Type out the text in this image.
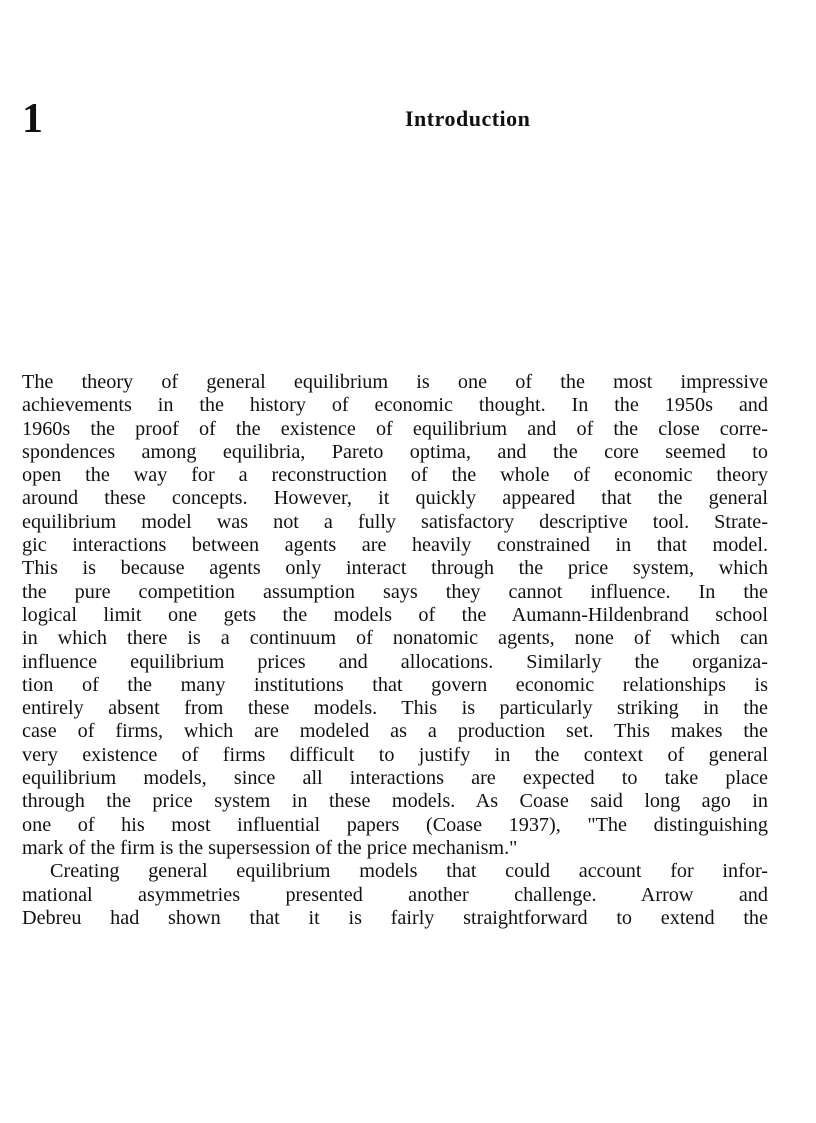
1	Introduction

The theory of general equilibrium is one of the most impressive
achievements in the history of economic thought. In the 1950s and
1960s the proof of the existence of equilibrium and of the close corre-
spondences among equilibria, Pareto optima, and the core seemed to
open the way for a reconstruction of the whole of economic theory
around these concepts. However, it quickly appeared that the general
equilibrium model was not a fully satisfactory descriptive tool. Strate-
gic interactions between agents are heavily constrained in that model.
This is because agents only interact through the price system, which
the pure competition assumption says they cannot influence. In the
logical limit one gets the models of the Aumann-Hildenbrand school
in which there is a continuum of nonatomic agents, none of which can
influence equilibrium prices and allocations. Similarly the organiza-
tion of the many institutions that govern economic relationships is
entirely absent from these models. This is particularly striking in the
case of firms, which are modeled as a production set. This makes the
very existence of firms difficult to justify in the context of general
equilibrium models, since all interactions are expected to take place
through the price system in these models. As Coase said long ago in
one of his most influential papers (Coase 1937), "The distinguishing
mark of the firm is the supersession of the price mechanism."

Creating general equilibrium models that could account for infor-
mational asymmetries presented another challenge. Arrow and
Debreu had shown that it is fairly straightforward to extend the
